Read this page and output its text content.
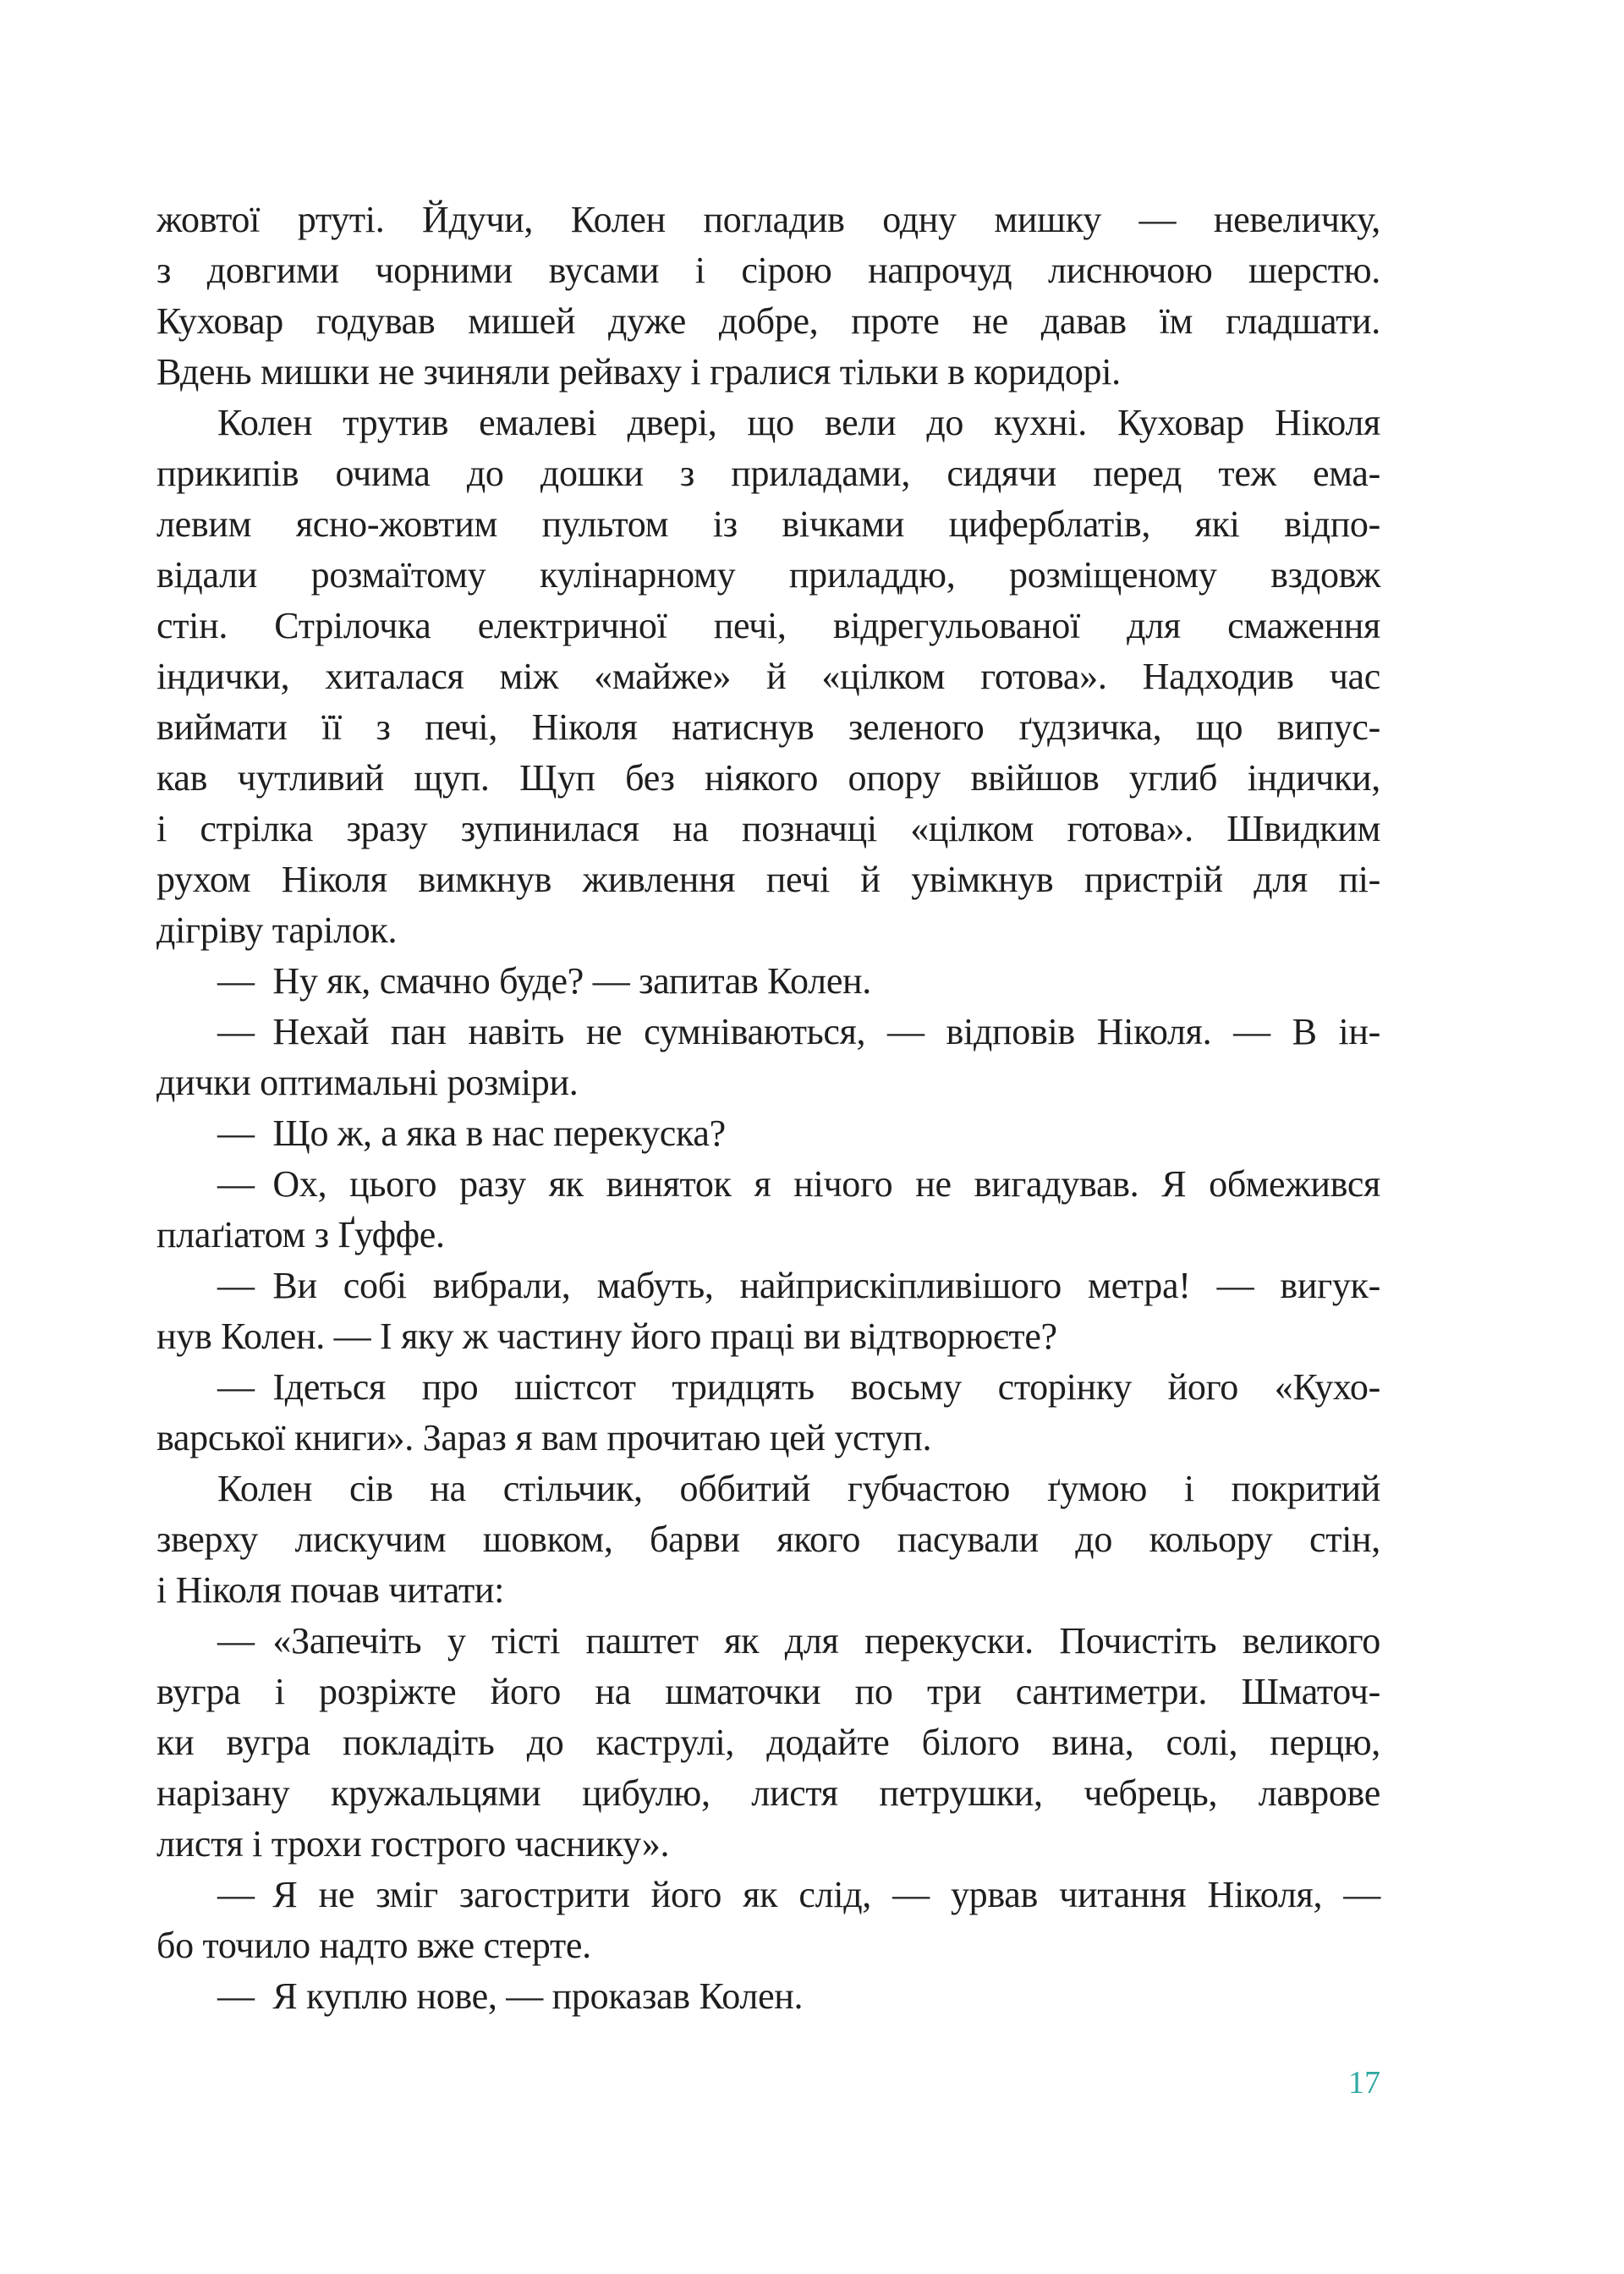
жовтої ртуті. Йдучи, Колен погладив одну мишку — невеличку,
з довгими чорними вусами і сірою напрочуд лиснючою шерстю.
Куховар годував мишей дуже добре, проте не давав їм гладшати.
Вдень мишки не зчиняли рейваху і гралися тільки в коридорі.
Колен трутив емалеві двері, що вели до кухні. Куховар Ніколя
прикипів очима до дошки з приладами, сидячи перед теж ема-
левим ясно-жовтим пультом із вічками циферблатів, які відпо-
відали розмаїтому кулінарному приладдю, розміщеному вздовж
стін. Стрілочка електричної печі, відрегульованої для смаження
індички, хиталася між «майже» й «цілком готова». Надходив час
виймати її з печі, Ніколя натиснув зеленого ґудзичка, що випус-
кав чутливий щуп. Щуп без ніякого опору ввійшов углиб індички,
і стрілка зразу зупинилася на позначці «цілком готова». Швидким
рухом Ніколя вимкнув живлення печі й увімкнув пристрій для пі-
дігріву тарілок.
— Ну як, смачно буде? — запитав Колен.
— Нехай пан навіть не сумніваються, — відповів Ніколя. — В ін-
дички оптимальні розміри.
— Що ж, а яка в нас перекуска?
— Ох, цього разу як виняток я нічого не вигадував. Я обмежився
плаґіатом з Ґуффе.
— Ви собі вибрали, мабуть, найприскіпливішого метра! — вигук-
нув Колен. — І яку ж частину його праці ви відтворюєте?
— Ідеться про шістсот тридцять восьму сторінку його «Кухо-
варської книги». Зараз я вам прочитаю цей уступ.
Колен сів на стільчик, оббитий губчастою ґумою і покритий
зверху лискучим шовком, барви якого пасували до кольору стін,
і Ніколя почав читати:
— «Запечіть у тісті паштет як для перекуски. Почистіть великого
вугра і розріжте його на шматочки по три сантиметри. Шматоч-
ки вугра покладіть до каструлі, додайте білого вина, солі, перцю,
нарізану кружальцями цибулю, листя петрушки, чебрець, лаврове
листя і трохи гострого часнику».
— Я не зміг загострити його як слід, — урвав читання Ніколя, —
бо точило надто вже стерте.
— Я куплю нове, — проказав Колен.
17
